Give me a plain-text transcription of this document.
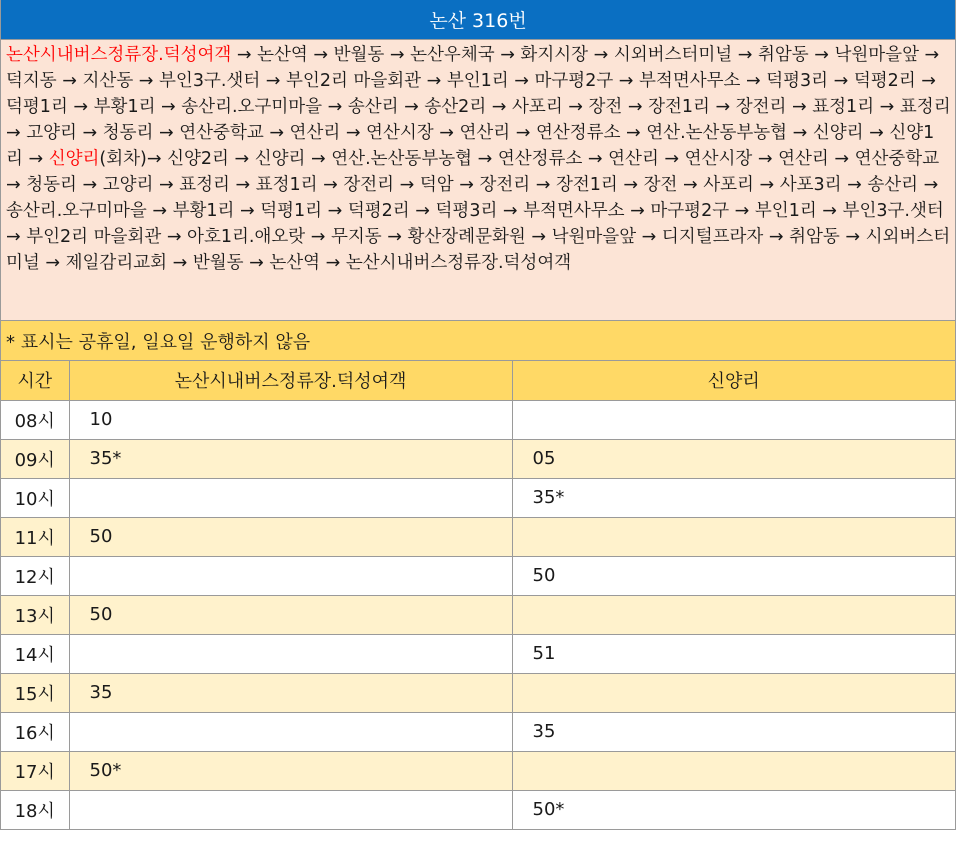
논산 316번
논산시내버스정류장.덕성여객 → 논산역 → 반월동 → 논산우체국 → 화지시장 → 시외버스터미널 → 취암동 → 낙원마을앞 → 덕지동 → 지산동 → 부인3구.샛터 → 부인2리 마을회관 → 부인1리 → 마구평2구 → 부적면사무소 → 덕평3리 → 덕평2리 → 덕평1리 → 부황1리 → 송산리.오구미마을 → 송산리 → 송산2리 → 사포리 → 장전 → 장전1리 → 장전리 → 표정1리 → 표정리 → 고양리 → 청동리 → 연산중학교 → 연산리 → 연산시장 → 연산리 → 연산정류소 → 연산.논산동부농협 → 신양리 → 신양1리 → 신양리(회차)→ 신양2리 → 신양리 → 연산.논산동부농협 → 연산정류소 → 연산리 → 연산시장 → 연산리 → 연산중학교 → 청동리 → 고양리 → 표정리 → 표정1리 → 장전리 → 덕암 → 장전리 → 장전1리 → 장전 → 사포리 → 사포3리 → 송산리 → 송산리.오구미마을 → 부황1리 → 덕평1리 → 덕평2리 → 덕평3리 → 부적면사무소 → 마구평2구 → 부인1리 → 부인3구.샛터 → 부인2리 마을회관 → 아호1리.애오랏 → 무지동 → 황산장례문화원 → 낙원마을앞 → 디지털프라자 → 취암동 → 시외버스터미널 → 제일감리교회 → 반월동 → 논산역 → 논산시내버스정류장.덕성여객
* 표시는 공휴일, 일요일 운행하지 않음
시간	논산시내버스정류장.덕성여객	신양리
08시	10	
09시	35*	05
10시		35*
11시	50	
12시		50
13시	50	
14시		51
15시	35	
16시		35
17시	50*	
18시		50*
